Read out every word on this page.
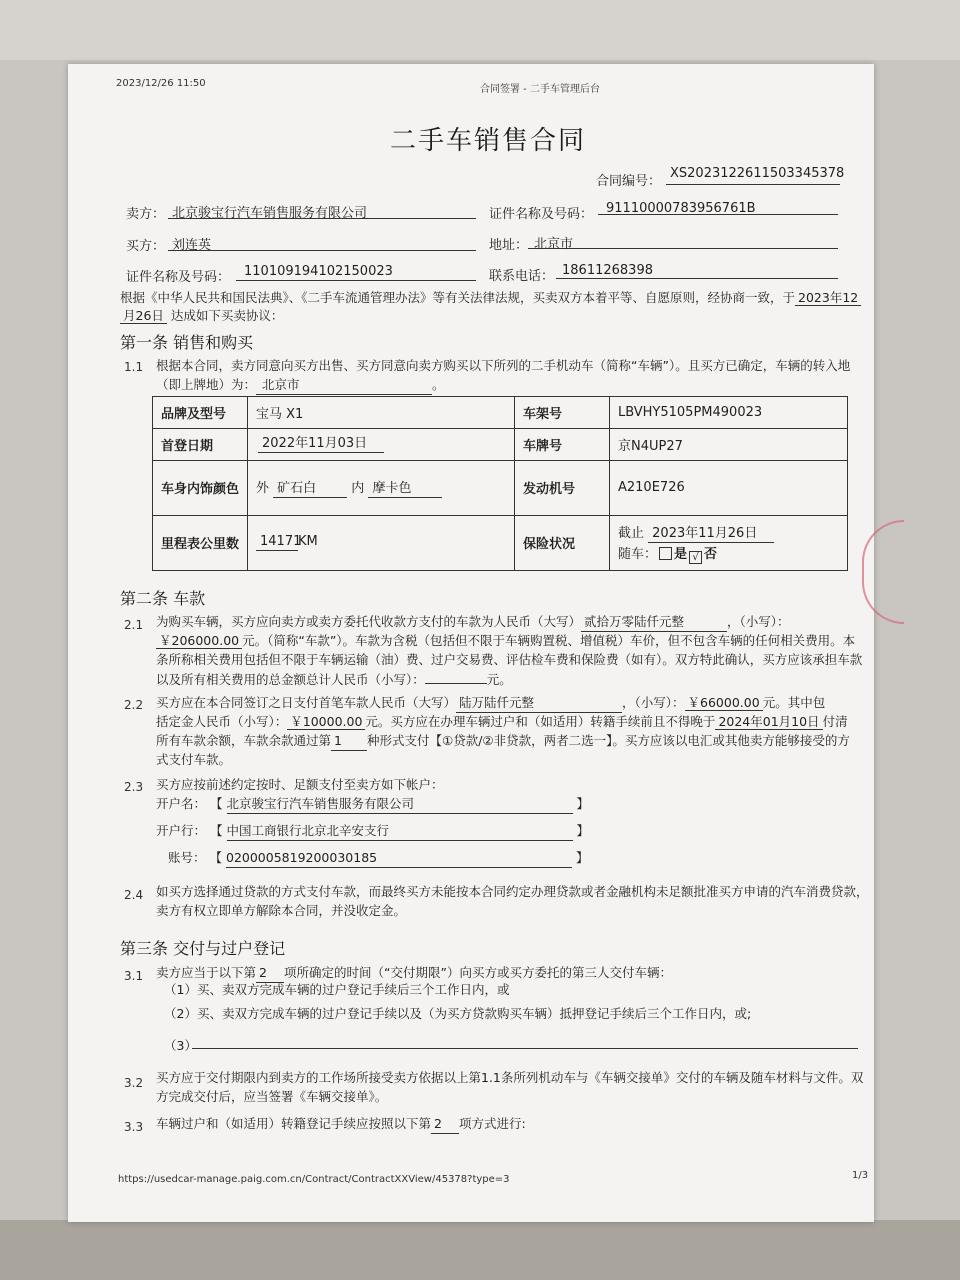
2023/12/26 11:50
合同签署 - 二手车管理后台
二手车销售合同
合同编号：
XS2023122611503345378
卖方： 北京骏宝行汽车销售服务有限公司	证件名称及号码： 91110000783956761B
买方： 刘连英	地址： 北京市
证件名称及号码： 110109194102150023	联系电话： 18611268398
根据《中华人民共和国民法典》、《二手车流通管理办法》等有关法律法规，买卖双方本着平等、自愿原则，经协商一致，于 2023年12
月26日 达成如下买卖协议：
第一条 销售和购买
1.1 根据本合同，卖方同意向买方出售、买方同意向卖方购买以下所列的二手机动车（简称“车辆”）。且买方已确定，车辆的转入地
（即上牌地）为： 北京市	。
品牌及型号	宝马 X1	车架号	LBVHY5105PM490023
首登日期	2022年11月03日	车牌号	京N4UP27
车身内饰颜色	外 矿石白 内 摩卡色	发动机号	A210E726
里程表公里数	14171KM	保险状况	截止 2023年11月26日
随车： 是 √ 否
第二条 车款
2.1 为购买车辆，买方应向卖方或卖方委托代收款方支付的车款为人民币（大写） 贰拾万零陆仟元整	，（小写）：
￥206000.00 元。（简称“车款”）。车款为含税（包括但不限于车辆购置税、增值税）车价，但不包含车辆的任何相关费用。本
条所称相关费用包括但不限于车辆运输（油）费、过户交易费、评估检车费和保险费（如有）。双方特此确认，买方应该承担车款
以及所有相关费用的总金额总计人民币（小写）：	元。
2.2 买方应在本合同签订之日支付首笔车款人民币（大写） 陆万陆仟元整	，（小写）： ￥66000.00 元。其中包
括定金人民币（小写）： ￥10000.00 元。买方应在办理车辆过户和（如适用）转籍手续前且不得晚于 2024年01月10日 付清
所有车款余额，车款余款通过第 1 种形式支付【①贷款/②非贷款，两者二选一】。买方应该以电汇或其他卖方能够接受的方
式支付车款。
2.3 买方应按前述约定按时、足额支付至卖方如下帐户：
开户名： 【 北京骏宝行汽车销售服务有限公司	】
开户行： 【 中国工商银行北京北辛安支行	】
账号： 【 0200005819200030185	】
2.4 如买方选择通过贷款的方式支付车款，而最终买方未能按本合同约定办理贷款或者金融机构未足额批准买方申请的汽车消费贷款，
卖方有权立即单方解除本合同，并没收定金。
第三条 交付与过户登记
3.1 卖方应当于以下第 2 项所确定的时间（“交付期限”）向买方或买方委托的第三人交付车辆：
（1）买、卖双方完成车辆的过户登记手续后三个工作日内，或
（2）买、卖双方完成车辆的过户登记手续以及（为买方贷款购买车辆）抵押登记手续后三个工作日内，或;
（3）
3.2 买方应于交付期限内到卖方的工作场所接受卖方依据以上第1.1条所列机动车与《车辆交接单》交付的车辆及随车材料与文件。双
方完成交付后，应当签署《车辆交接单》。
3.3 车辆过户和（如适用）转籍登记手续应按照以下第 2 项方式进行:
https://usedcar-manage.paig.com.cn/Contract/ContractXXView/45378?type=3	1/3
